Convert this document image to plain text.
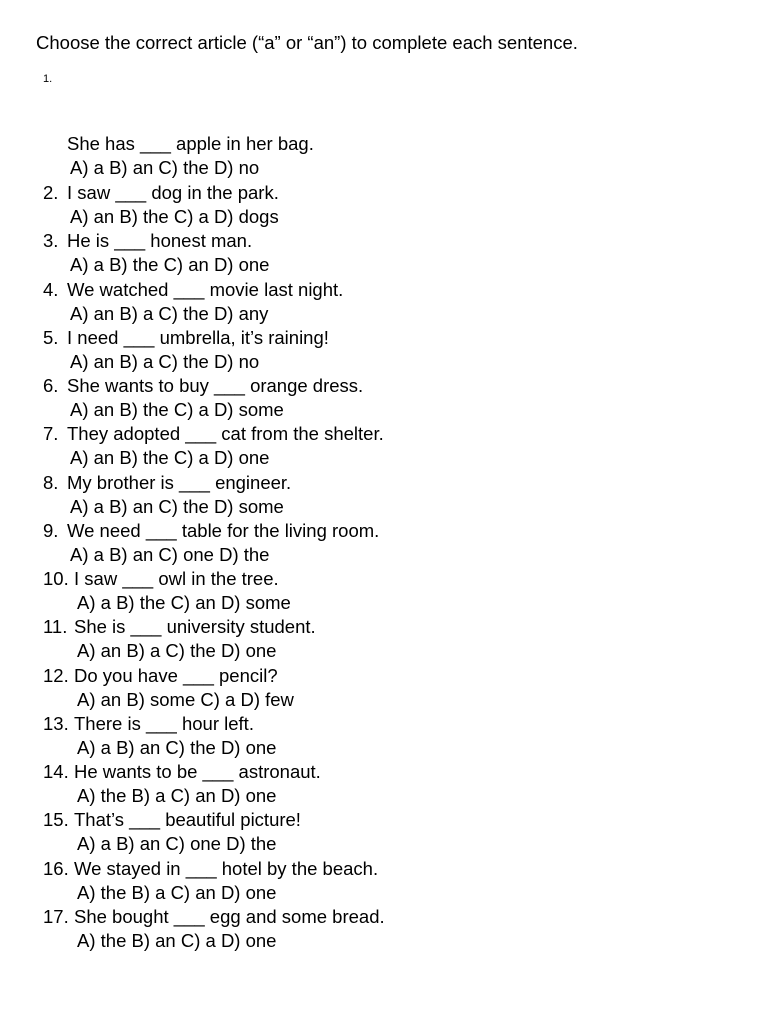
Choose the correct article (“a” or “an”) to complete each sentence.
1.
She has ___ apple in her bag.
A) a B) an C) the D) no
2. I saw ___ dog in the park.
A) an B) the C) a D) dogs
3. He is ___ honest man.
A) a B) the C) an D) one
4. We watched ___ movie last night.
A) an B) a C) the D) any
5. I need ___ umbrella, it’s raining!
A) an B) a C) the D) no
6. She wants to buy ___ orange dress.
A) an B) the C) a D) some
7. They adopted ___ cat from the shelter.
A) an B) the C) a D) one
8. My brother is ___ engineer.
A) a B) an C) the D) some
9. We need ___ table for the living room.
A) a B) an C) one D) the
10. I saw ___ owl in the tree.
A) a B) the C) an D) some
11. She is ___ university student.
A) an B) a C) the D) one
12. Do you have ___ pencil?
A) an B) some C) a D) few
13. There is ___ hour left.
A) a B) an C) the D) one
14. He wants to be ___ astronaut.
A) the B) a C) an D) one
15. That’s ___ beautiful picture!
A) a B) an C) one D) the
16. We stayed in ___ hotel by the beach.
A) the B) a C) an D) one
17. She bought ___ egg and some bread.
A) the B) an C) a D) one
